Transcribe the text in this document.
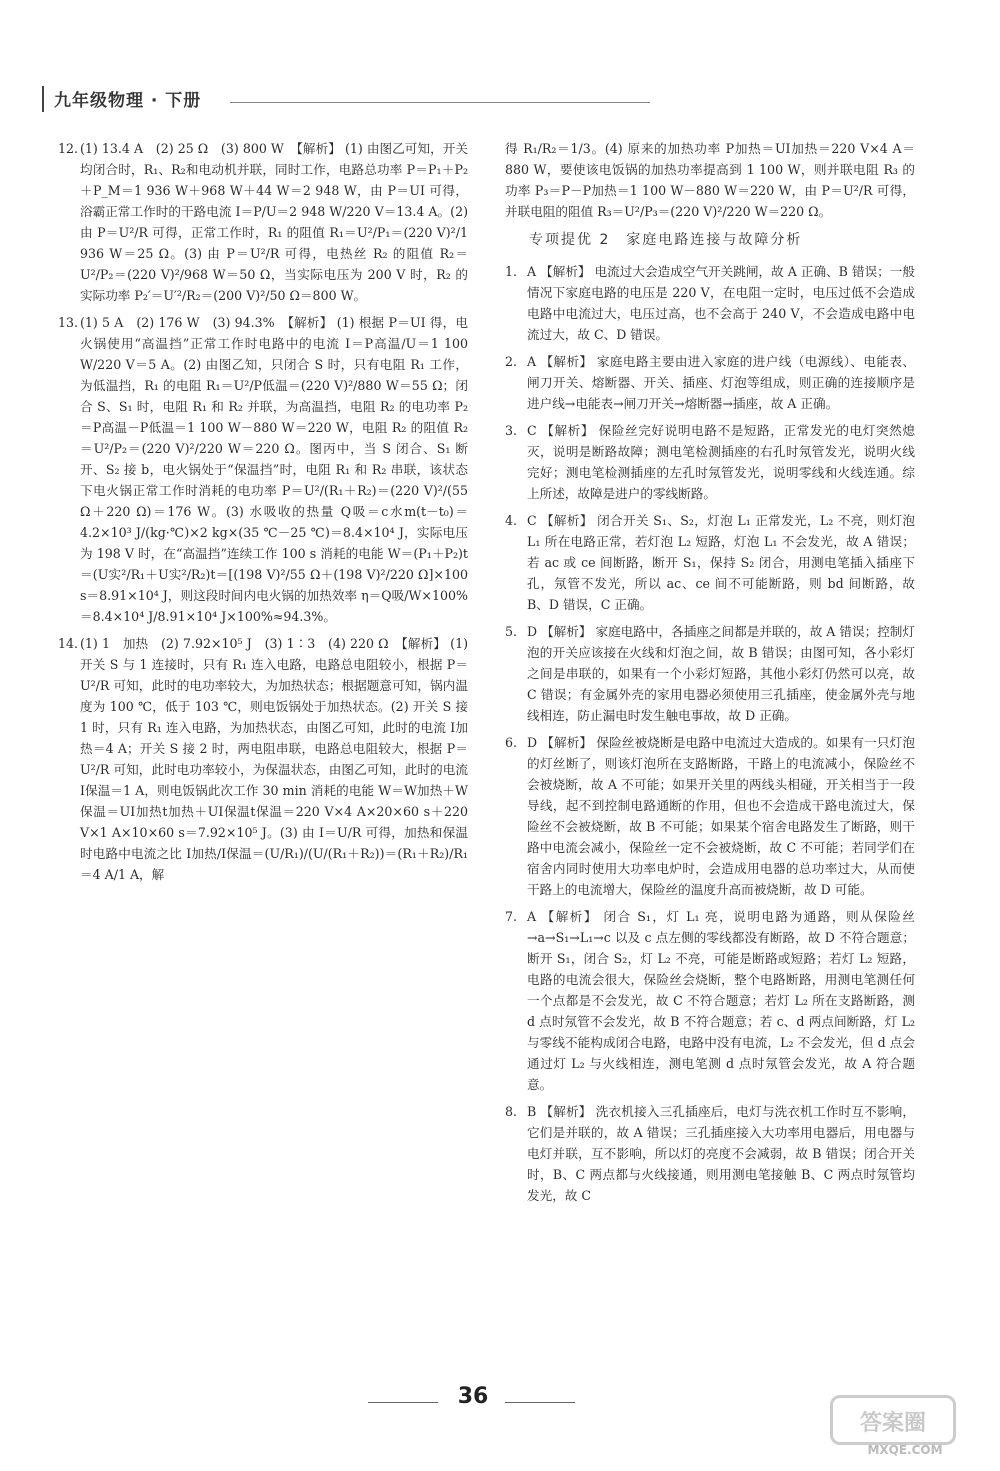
九年级物理 · 下册
12. (1) 13.4 A　(2) 25 Ω　(3) 800 W　【解析】 (1) 由图乙可知，开关均闭合时，R₁、R₂和电动机并联，同时工作，电路总功率 P＝P₁＋P₂＋P_M＝1 936 W＋968 W＋44 W＝2 948 W，由 P＝UI 可得，浴霸正常工作时的干路电流 I＝P/U＝2 948 W/220 V＝13.4 A。(2) 由 P＝U²/R 可得，正常工作时，R₁ 的阻值 R₁＝U²/P₁＝(220 V)²/1 936 W＝25 Ω。(3) 由 P＝U²/R 可得，电热丝 R₂ 的阻值 R₂＝U²/P₂＝(220 V)²/968 W＝50 Ω，当实际电压为 200 V 时，R₂ 的实际功率 P₂′＝U′²/R₂＝(200 V)²/50 Ω＝800 W。

13. (1) 5 A　(2) 176 W　(3) 94.3%　【解析】 (1) 根据 P＝UI 得，电火锅使用“高温挡”正常工作时电路中的电流 I＝P高温/U＝1 100 W/220 V＝5 A。(2) 由图乙知，只闭合 S 时，只有电阻 R₁ 工作，为低温挡，R₁ 的电阻 R₁＝U²/P低温＝(220 V)²/880 W＝55 Ω；闭合 S、S₁ 时，电阻 R₁ 和 R₂ 并联，为高温挡，电阻 R₂ 的电功率 P₂＝P高温－P低温＝1 100 W－880 W＝220 W，电阻 R₂ 的阻值 R₂＝U²/P₂＝(220 V)²/220 W＝220 Ω。图丙中，当 S 闭合、S₁ 断开、S₂ 接 b，电火锅处于“保温挡”时，电阻 R₁ 和 R₂ 串联，该状态下电火锅正常工作时消耗的电功率 P＝U²/(R₁＋R₂)＝(220 V)²/(55 Ω＋220 Ω)＝176 W。(3) 水吸收的热量 Q吸＝c水m(t－t₀)＝4.2×10³ J/(kg·℃)×2 kg×(35 ℃－25 ℃)＝8.4×10⁴ J，实际电压为 198 V 时，在“高温挡”连续工作 100 s 消耗的电能 W＝(P₁＋P₂)t＝(U实²/R₁＋U实²/R₂)t＝[(198 V)²/55 Ω＋(198 V)²/220 Ω]×100 s＝8.91×10⁴ J，则这段时间内电火锅的加热效率 η＝Q吸/W×100%＝8.4×10⁴ J/8.91×10⁴ J×100%≈94.3%。

14. (1) 1　加热　(2) 7.92×10⁵ J　(3) 1∶3　(4) 220 Ω　【解析】 (1) 开关 S 与 1 连接时，只有 R₁ 连入电路，电路总电阻较小，根据 P＝U²/R 可知，此时的电功率较大，为加热状态；根据题意可知，锅内温度为 100 ℃，低于 103 ℃，则电饭锅处于加热状态。(2) 开关 S 接 1 时，只有 R₁ 连入电路，为加热状态，由图乙可知，此时的电流 I加热＝4 A；开关 S 接 2 时，两电阻串联，电路总电阻较大，根据 P＝U²/R 可知，此时电功率较小，为保温状态，由图乙可知，此时的电流 I保温＝1 A，则电饭锅此次工作 30 min 消耗的电能 W＝W加热＋W保温＝UI加热t加热＋UI保温t保温＝220 V×4 A×20×60 s＋220 V×1 A×10×60 s＝7.92×10⁵ J。(3) 由 I＝U/R 可得，加热和保温时电路中电流之比 I加热/I保温＝(U/R₁)/(U/(R₁＋R₂))＝(R₁＋R₂)/R₁＝4 A/1 A，解

得 R₁/R₂＝1/3。(4) 原来的加热功率 P加热＝UI加热＝220 V×4 A＝880 W，要使该电饭锅的加热功率提高到 1 100 W，则并联电阻 R₃ 的功率 P₃＝P－P加热＝1 100 W－880 W＝220 W，由 P＝U²/R 可得，并联电阻的阻值 R₃＝U²/P₃＝(220 V)²/220 W＝220 Ω。

专项提优 2　家庭电路连接与故障分析
1. A 【解析】 电流过大会造成空气开关跳闸，故 A 正确、B 错误；一般情况下家庭电路的电压是 220 V，在电阻一定时，电压过低不会造成电路中电流过大，电压过高，也不会高于 240 V，不会造成电路中电流过大，故 C、D 错误。

2. A 【解析】 家庭电路主要由进入家庭的进户线（电源线）、电能表、闸刀开关、熔断器、开关、插座、灯泡等组成，则正确的连接顺序是进户线→电能表→闸刀开关→熔断器→插座，故 A 正确。

3. C 【解析】 保险丝完好说明电路不是短路，正常发光的电灯突然熄灭，说明是断路故障；测电笔检测插座的右孔时氖管发光，说明火线完好；测电笔检测插座的左孔时氖管发光，说明零线和火线连通。综上所述，故障是进户的零线断路。

4. C 【解析】 闭合开关 S₁、S₂，灯泡 L₁ 正常发光，L₂ 不亮，则灯泡 L₁ 所在电路正常，若灯泡 L₂ 短路，灯泡 L₁ 不会发光，故 A 错误；若 ac 或 ce 间断路，断开 S₁，保持 S₂ 闭合，用测电笔插入插座下孔，氖管不发光，所以 ac、ce 间不可能断路，则 bd 间断路，故 B、D 错误，C 正确。

5. D 【解析】 家庭电路中，各插座之间都是并联的，故 A 错误；控制灯泡的开关应该接在火线和灯泡之间，故 B 错误；由图可知，各小彩灯之间是串联的，如果有一个小彩灯短路，其他小彩灯仍然可以亮，故 C 错误；有金属外壳的家用电器必须使用三孔插座，使金属外壳与地线相连，防止漏电时发生触电事故，故 D 正确。

6. D 【解析】 保险丝被烧断是电路中电流过大造成的。如果有一只灯泡的灯丝断了，则该灯泡所在支路断路，干路上的电流减小，保险丝不会被烧断，故 A 不可能；如果开关里的两线头相碰，开关相当于一段导线，起不到控制电路通断的作用，但也不会造成干路电流过大，保险丝不会被烧断，故 B 不可能；如果某个宿舍电路发生了断路，则干路中电流会减小，保险丝一定不会被烧断，故 C 不可能；若同学们在宿舍内同时使用大功率电炉时，会造成用电器的总功率过大，从而使干路上的电流增大，保险丝的温度升高而被烧断，故 D 可能。

7. A 【解析】 闭合 S₁，灯 L₁ 亮，说明电路为通路，则从保险丝→a→S₁→L₁→c 以及 c 点左侧的零线都没有断路，故 D 不符合题意；断开 S₁，闭合 S₂，灯 L₂ 不亮，可能是断路或短路；若灯 L₂ 短路，电路的电流会很大，保险丝会烧断，整个电路断路，用测电笔测任何一个点都是不会发光，故 C 不符合题意；若灯 L₂ 所在支路断路，测 d 点时氖管不会发光，故 B 不符合题意；若 c、d 两点间断路，灯 L₂ 与零线不能构成闭合电路，电路中没有电流，L₂ 不会发光，但 d 点会通过灯 L₂ 与火线相连，测电笔测 d 点时氖管会发光，故 A 符合题意。

8. B 【解析】 洗衣机接入三孔插座后，电灯与洗衣机工作时互不影响，它们是并联的，故 A 错误；三孔插座接入大功率用电器后，用电器与电灯并联，互不影响，所以灯的亮度不会减弱，故 B 错误；闭合开关时，B、C 两点都与火线接通，则用测电笔接触 B、C 两点时氖管均发光，故 C

36
答案圈
MXQE.COM
